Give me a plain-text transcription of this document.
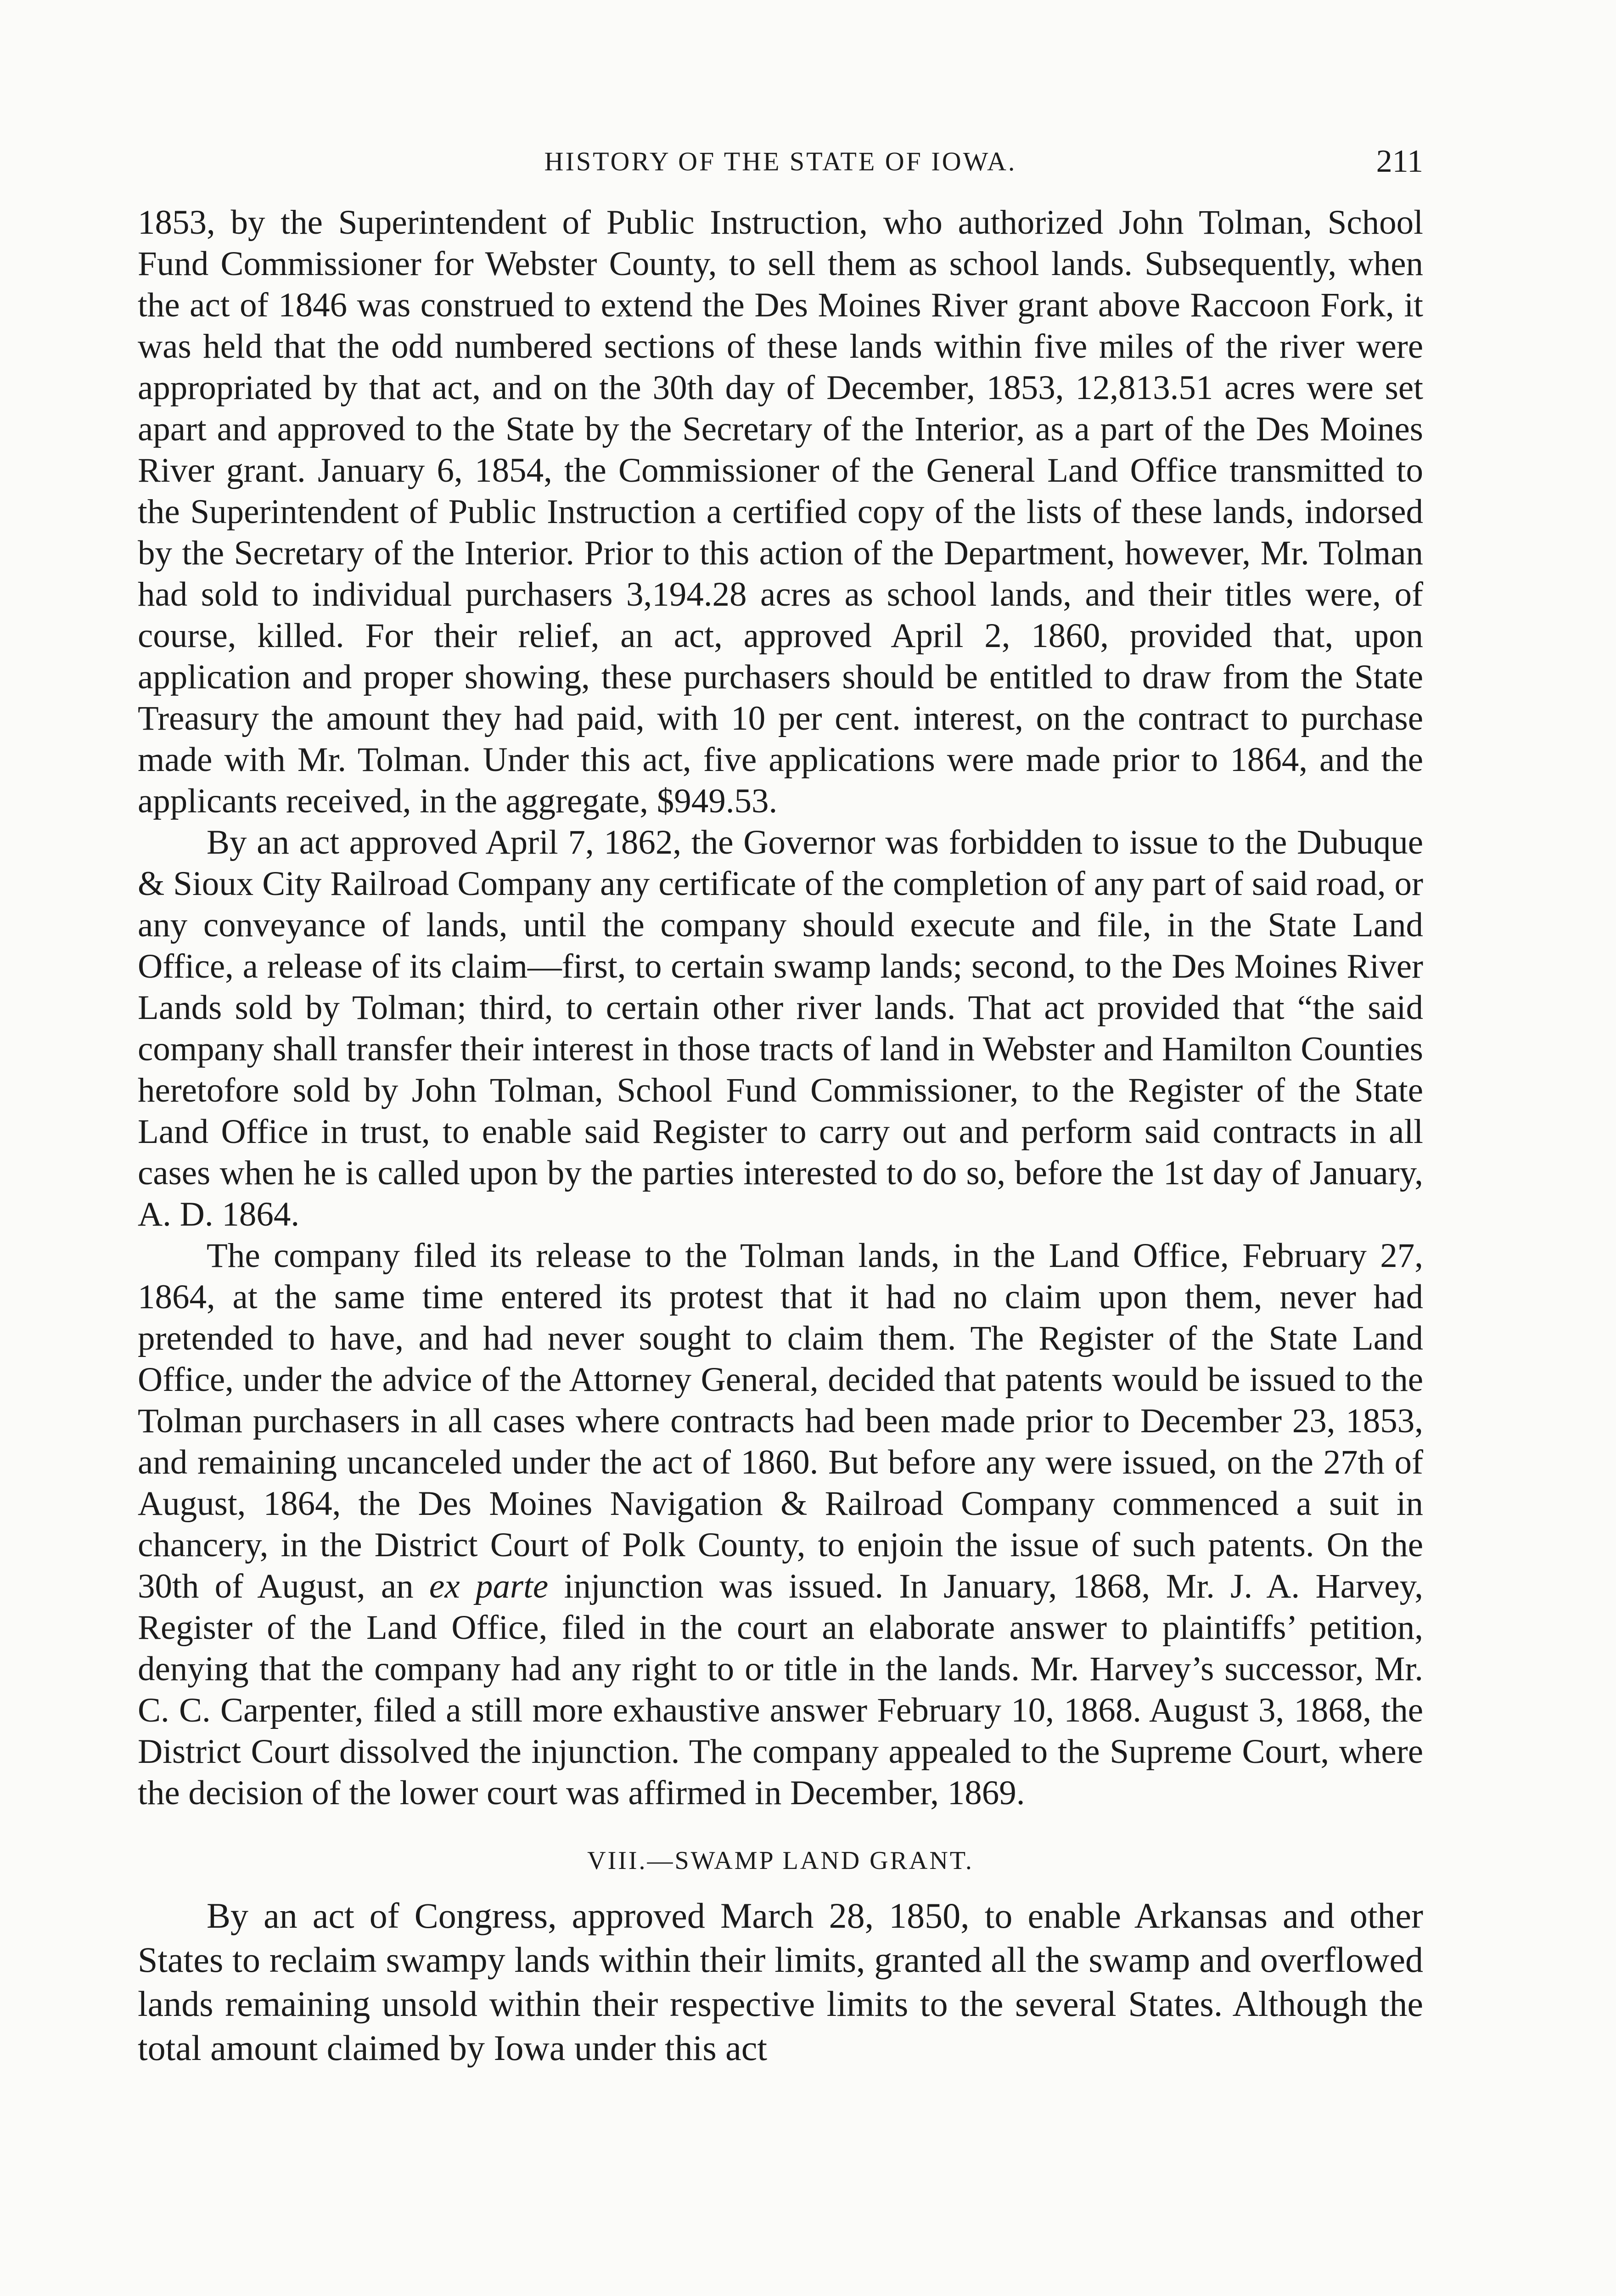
HISTORY OF THE STATE OF IOWA.	211

1853, by the Superintendent of Public Instruction, who authorized John Tolman, School Fund Commissioner for Webster County, to sell them as school lands. Subsequently, when the act of 1846 was construed to extend the Des Moines River grant above Raccoon Fork, it was held that the odd numbered sections of these lands within five miles of the river were appropriated by that act, and on the 30th day of December, 1853, 12,813.51 acres were set apart and approved to the State by the Secretary of the Interior, as a part of the Des Moines River grant. January 6, 1854, the Commissioner of the General Land Office transmitted to the Superintendent of Public Instruction a certified copy of the lists of these lands, indorsed by the Secretary of the Interior. Prior to this action of the Department, however, Mr. Tolman had sold to individual purchasers 3,194.28 acres as school lands, and their titles were, of course, killed. For their relief, an act, approved April 2, 1860, provided that, upon application and proper showing, these purchasers should be entitled to draw from the State Treasury the amount they had paid, with 10 per cent. interest, on the contract to purchase made with Mr. Tolman. Under this act, five applications were made prior to 1864, and the applicants received, in the aggregate, $949.53.

By an act approved April 7, 1862, the Governor was forbidden to issue to the Dubuque & Sioux City Railroad Company any certificate of the completion of any part of said road, or any conveyance of lands, until the company should execute and file, in the State Land Office, a release of its claim—first, to certain swamp lands; second, to the Des Moines River Lands sold by Tolman; third, to certain other river lands. That act provided that “the said company shall transfer their interest in those tracts of land in Webster and Hamilton Counties heretofore sold by John Tolman, School Fund Commissioner, to the Register of the State Land Office in trust, to enable said Register to carry out and perform said contracts in all cases when he is called upon by the parties interested to do so, before the 1st day of January, A. D. 1864.

The company filed its release to the Tolman lands, in the Land Office, February 27, 1864, at the same time entered its protest that it had no claim upon them, never had pretended to have, and had never sought to claim them. The Register of the State Land Office, under the advice of the Attorney General, decided that patents would be issued to the Tolman purchasers in all cases where contracts had been made prior to December 23, 1853, and remaining uncanceled under the act of 1860. But before any were issued, on the 27th of August, 1864, the Des Moines Navigation & Railroad Company commenced a suit in chancery, in the District Court of Polk County, to enjoin the issue of such patents. On the 30th of August, an ex parte injunction was issued. In January, 1868, Mr. J. A. Harvey, Register of the Land Office, filed in the court an elaborate answer to plaintiffs’ petition, denying that the company had any right to or title in the lands. Mr. Harvey’s successor, Mr. C. C. Carpenter, filed a still more exhaustive answer February 10, 1868. August 3, 1868, the District Court dissolved the injunction. The company appealed to the Supreme Court, where the decision of the lower court was affirmed in December, 1869.

VIII.—SWAMP LAND GRANT.

By an act of Congress, approved March 28, 1850, to enable Arkansas and other States to reclaim swampy lands within their limits, granted all the swamp and overflowed lands remaining unsold within their respective limits to the several States. Although the total amount claimed by Iowa under this act
